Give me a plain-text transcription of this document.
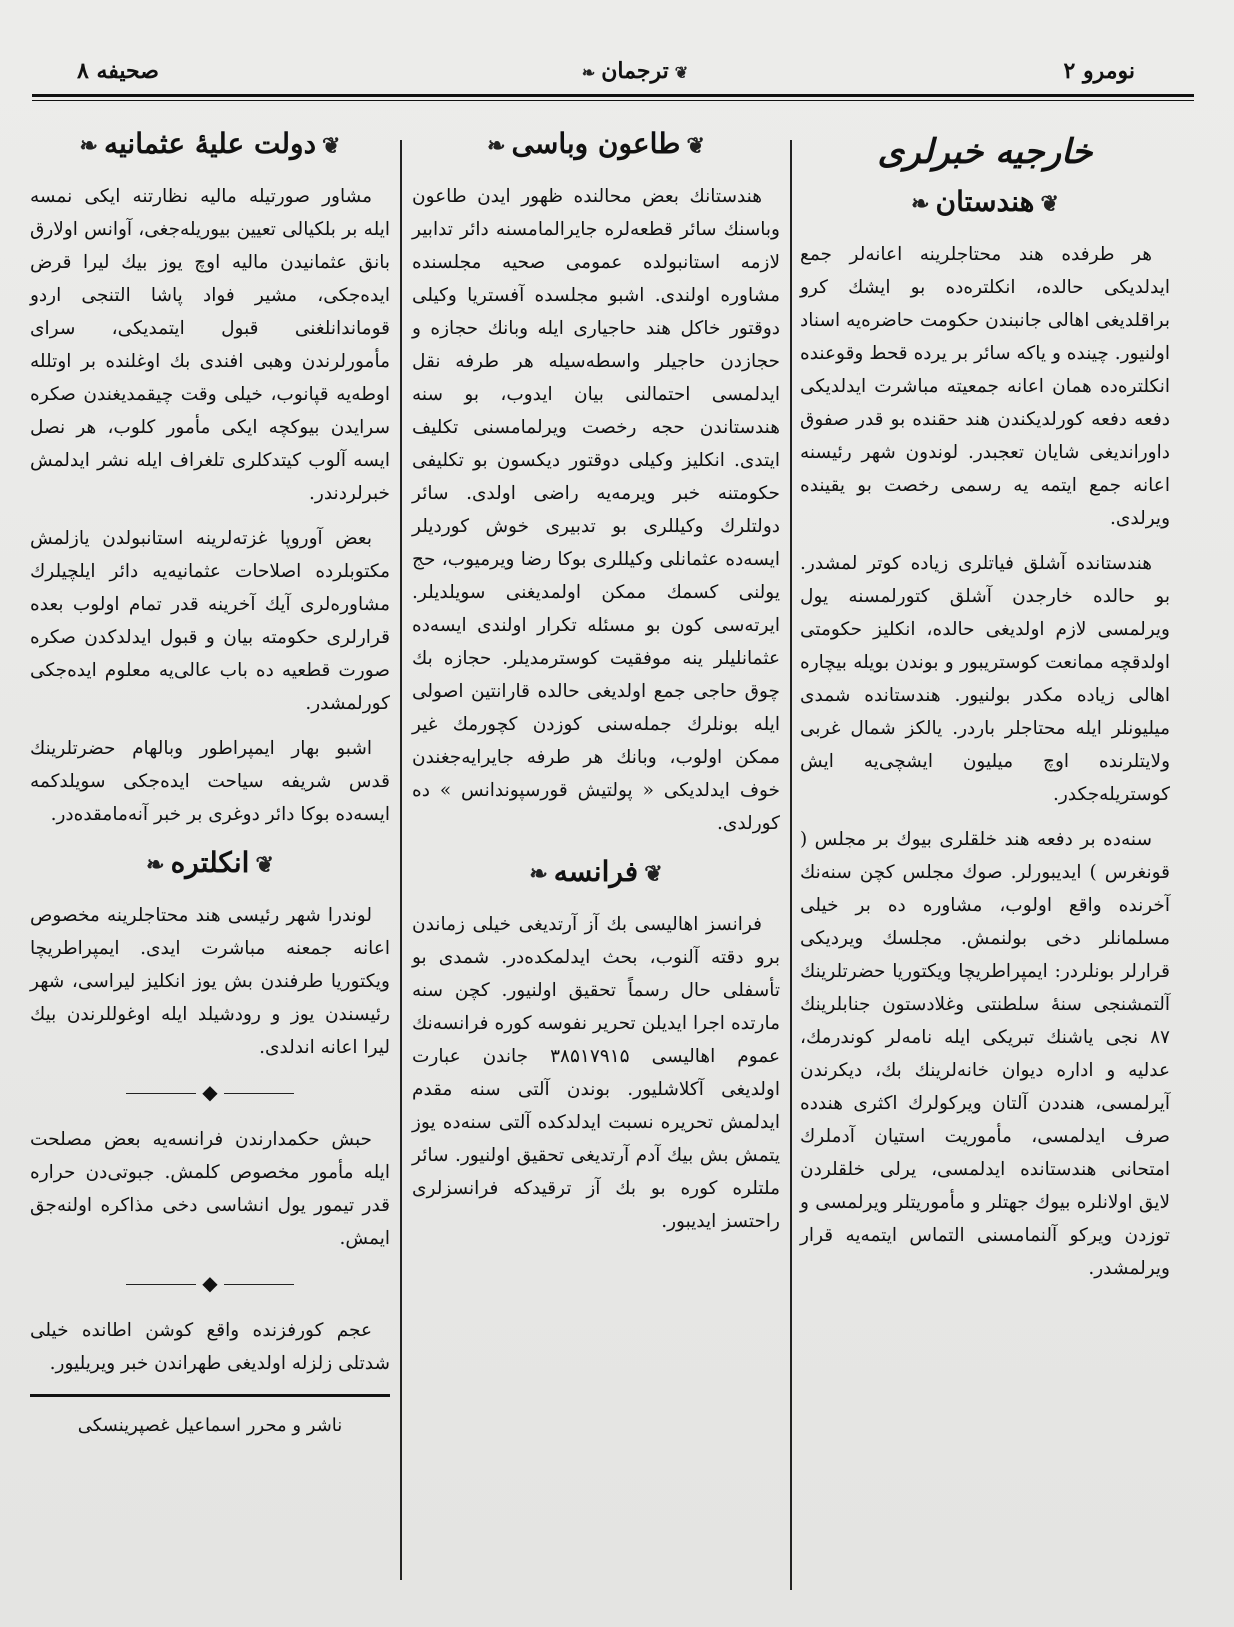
صحیفه ۸	❦ترجمان❧	نومرو ۲
خارجیه خبرلری
❦هندستان❧

هر طرفده هند محتاجلرینه اعانه‌لر جمع ایدلدیکی حالده، انکلتره‌ده بو ایشك کرو براقلدیغی اهالی جانبندن حکومت حاضره‌یه اسناد اولنیور. چینده و یاکه سائر بر یرده قحط وقوعنده انکلتره‌ده همان اعانه جمعیته مباشرت ایدلدیکی دفعه دفعه کورلدیکندن هند حقنده بو قدر صفوق داوراندیغی شایان تعجبدر. لوندون شهر رئیسنه اعانه جمع ایتمه یه رسمی رخصت بو یقینده ویرلدی.

هندستانده آشلق فیاتلری زیاده کوتر لمشدر. بو حالده خارجدن آشلق کتورلمسنه یول ویرلمسی لازم اولدیغی حالده، انکلیز حکومتی اولدقچه ممانعت کوستریبور و بوندن بویله بیچاره اهالی زیاده مکدر بولنیور. هندستانده شمدی میلیونلر ایله محتاجلر باردر. یالکز شمال غربی ولایتلرنده اوچ میلیون ایشچی‌یه ایش کوستریله‌جکدر.

سنه‌ده بر دفعه هند خلقلری بیوك بر مجلس ( قونغرس ) ایدیبورلر. صوك مجلس کچن سنه‌نك آخرنده واقع اولوب، مشاوره ده بر خیلی مسلمانلر دخی بولنمش. مجلسك ویردیکی قرارلر بونلردر: ایمپراطریچا ویکتوریا حضرتلرینك آلتمشنجی سنهٔ سلطنتی وغلادستون جنابلرینك ۸۷ نجی یاشنك تبریکی ایله نامه‌لر کوندرمك، عدلیه و اداره دیوان خانه‌لرینك بك، دیکرندن آیرلمسی، هنددن آلتان ویرکولرك اکثری هندده صرف ایدلمسی، مأموریت استیان آدملرك امتحانی هندستانده ایدلمسی، یرلی خلقلردن لایق اولانلره بیوك جهتلر و مأموریتلر ویرلمسی و توزدن ویرکو آلنمامسنی التماس ایتمه‌یه قرار ویرلمشدر.

❦طاعون وباسی❧

هندستانك بعض محالنده ظهور ایدن طاعون وباسنك سائر قطعه‌لره جایرالمامسنه دائر تدابیر لازمه استانبولده عمومی صحیه مجلسنده مشاوره اولندی. اشبو مجلسده آفستریا وکیلی دوقتور خاکل هند حاجیاری ایله وبانك حجازه و حجازدن حاجیلر واسطه‌سیله هر طرفه نقل ایدلمسی احتمالنی بیان ایدوب، بو سنه هندستاندن حجه رخصت ویرلمامسنی تکلیف ایتدی. انکلیز وکیلی دوقتور دیکسون بو تکلیفی حکومتنه خبر ویرمه‌یه راضی اولدی. سائر دولتلرك وکیللری بو تدبیری خوش کوردیلر ایسه‌ده عثمانلی وکیللری بوکا رضا ویرمیوب، حج یولنی کسمك ممکن اولمدیغنی سویلدیلر. ایرته‌سی کون بو مسئله تکرار اولندی ایسه‌ده عثمانلیلر ینه موفقیت کوسترمدیلر. حجازه بك چوق حاجی جمع اولدیغی حالده قارانتین اصولی ایله بونلرك جمله‌سنی کوزدن کچورمك غیر ممکن اولوب، وبانك هر طرفه جایرایه‌جغندن خوف ایدلدیکی « پولتیش قورسپوندانس » ده کورلدی.

❦فرانسه❧

فرانسز اهالیسی بك آز آرتدیغی خیلی زماندن برو دقته آلنوب، بحث ایدلمکده‌در. شمدی بو تأسفلی حال رسماً تحقیق اولنیور. کچن سنه مارتده اجرا ایدیلن تحریر نفوسه کوره فرانسه‌نك عموم اهالیسی ۳۸۵۱۷۹۱۵ جاندن عبارت اولدیغی آکلاشلیور. بوندن آلتی سنه مقدم ایدلمش تحریره نسبت ایدلدکده آلتی سنه‌ده یوز یتمش بش بیك آدم آرتدیغی تحقیق اولنیور. سائر ملتلره کوره بو بك آز ترقیدکه فرانسزلری راحتسز ایدیبور.

❦دولت علیهٔ عثمانیه❧

مشاور صورتیله مالیه نظارتنه ایکی نمسه ایله بر بلکیالی تعیین بیوریله‌جغی، آوانس اولارق بانق عثمانیدن مالیه اوچ یوز بیك لیرا قرض ایده‌جکی، مشیر فواد پاشا التنجی اردو قوماندانلغنی قبول ایتمدیکی، سرای مأمورلرندن وهبی افندی بك اوغلنده بر اوتلله اوطه‌یه قپانوب، خیلی وقت چیقمدیغندن صکره سرایدن بیوکچه ایکی مأمور کلوب، هر نصل ایسه آلوب کیتدکلری تلغراف ایله نشر ایدلمش خبرلردندر.

بعض آوروپا غزته‌لرینه استانبولدن یازلمش مکتوبلرده اصلاحات عثمانیه‌یه دائر ایلچیلرك مشاوره‌لری آیك آخرینه قدر تمام اولوب بعده قرارلری حکومته بیان و قبول ایدلدکدن صکره صورت قطعیه ده باب عالی‌یه معلوم ایده‌جکی کورلمشدر.

اشبو بهار ایمپراطور وبالهام حضرتلرینك قدس شریفه سیاحت ایده‌جکی سویلدکمه ایسه‌ده بوکا دائر دوغری بر خبر آنه‌مامقده‌در.

❦انکلتره❧

لوندرا شهر رئیسی هند محتاجلرینه مخصوص اعانه جمعنه مباشرت ایدی. ایمپراطریچا ویکتوریا طرفندن بش یوز انکلیز لیراسی، شهر رئیسندن یوز و رودشیلد ایله اوغوللرندن بیك لیرا اعانه اندلدی.

◆

حبش حکمدارندن فرانسه‌یه بعض مصلحت ایله مأمور مخصوص کلمش. جبوتی‌دن حراره قدر تیمور یول انشاسی دخی مذاکره اولنه‌جق ایمش.

◆

عجم کورفزنده واقع کوشن اطانده خیلی شدتلی زلزله اولدیغی طهراندن خبر ویریلیور.

ناشر و محرر اسماعیل غصپرینسکی
